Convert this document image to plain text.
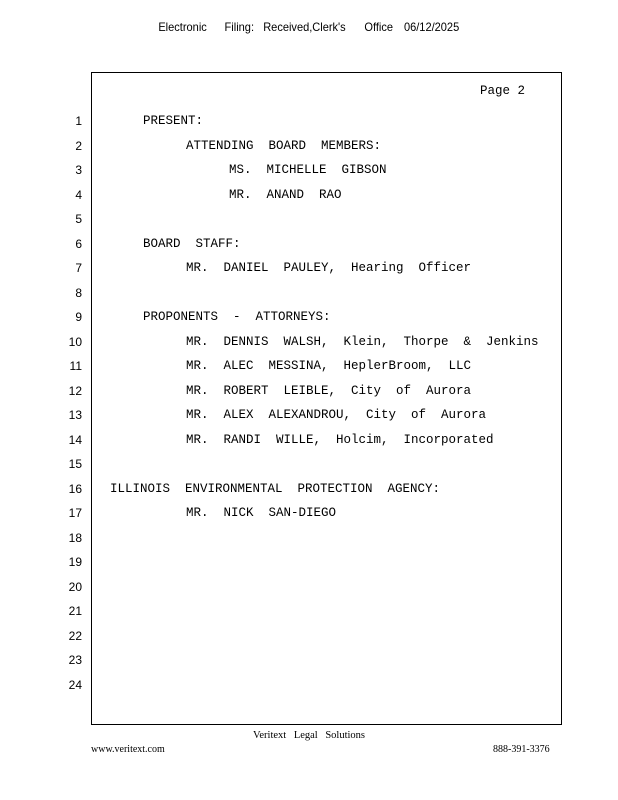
Electronic Filing: Received,Clerk's Office 06/12/2025
Page 2
1	PRESENT:
2	ATTENDING  BOARD  MEMBERS:
3	MS.  MICHELLE  GIBSON
4	MR.  ANAND  RAO
5
6	BOARD  STAFF:
7	MR.  DANIEL  PAULEY,  Hearing  Officer
8
9	PROPONENTS  -  ATTORNEYS:
10	MR.  DENNIS  WALSH,  Klein,  Thorpe  &  Jenkins
11	MR.  ALEC  MESSINA,  HeplerBroom,  LLC
12	MR.  ROBERT  LEIBLE,  City  of  Aurora
13	MR.  ALEX  ALEXANDROU,  City  of  Aurora
14	MR.  RANDI  WILLE,  Holcim,  Incorporated
15
16 ILLINOIS  ENVIRONMENTAL  PROTECTION  AGENCY:
17	MR.  NICK  SAN-DIEGO
18
19
20
21
22
23
24
Veritext Legal Solutions
www.veritext.com	888-391-3376
